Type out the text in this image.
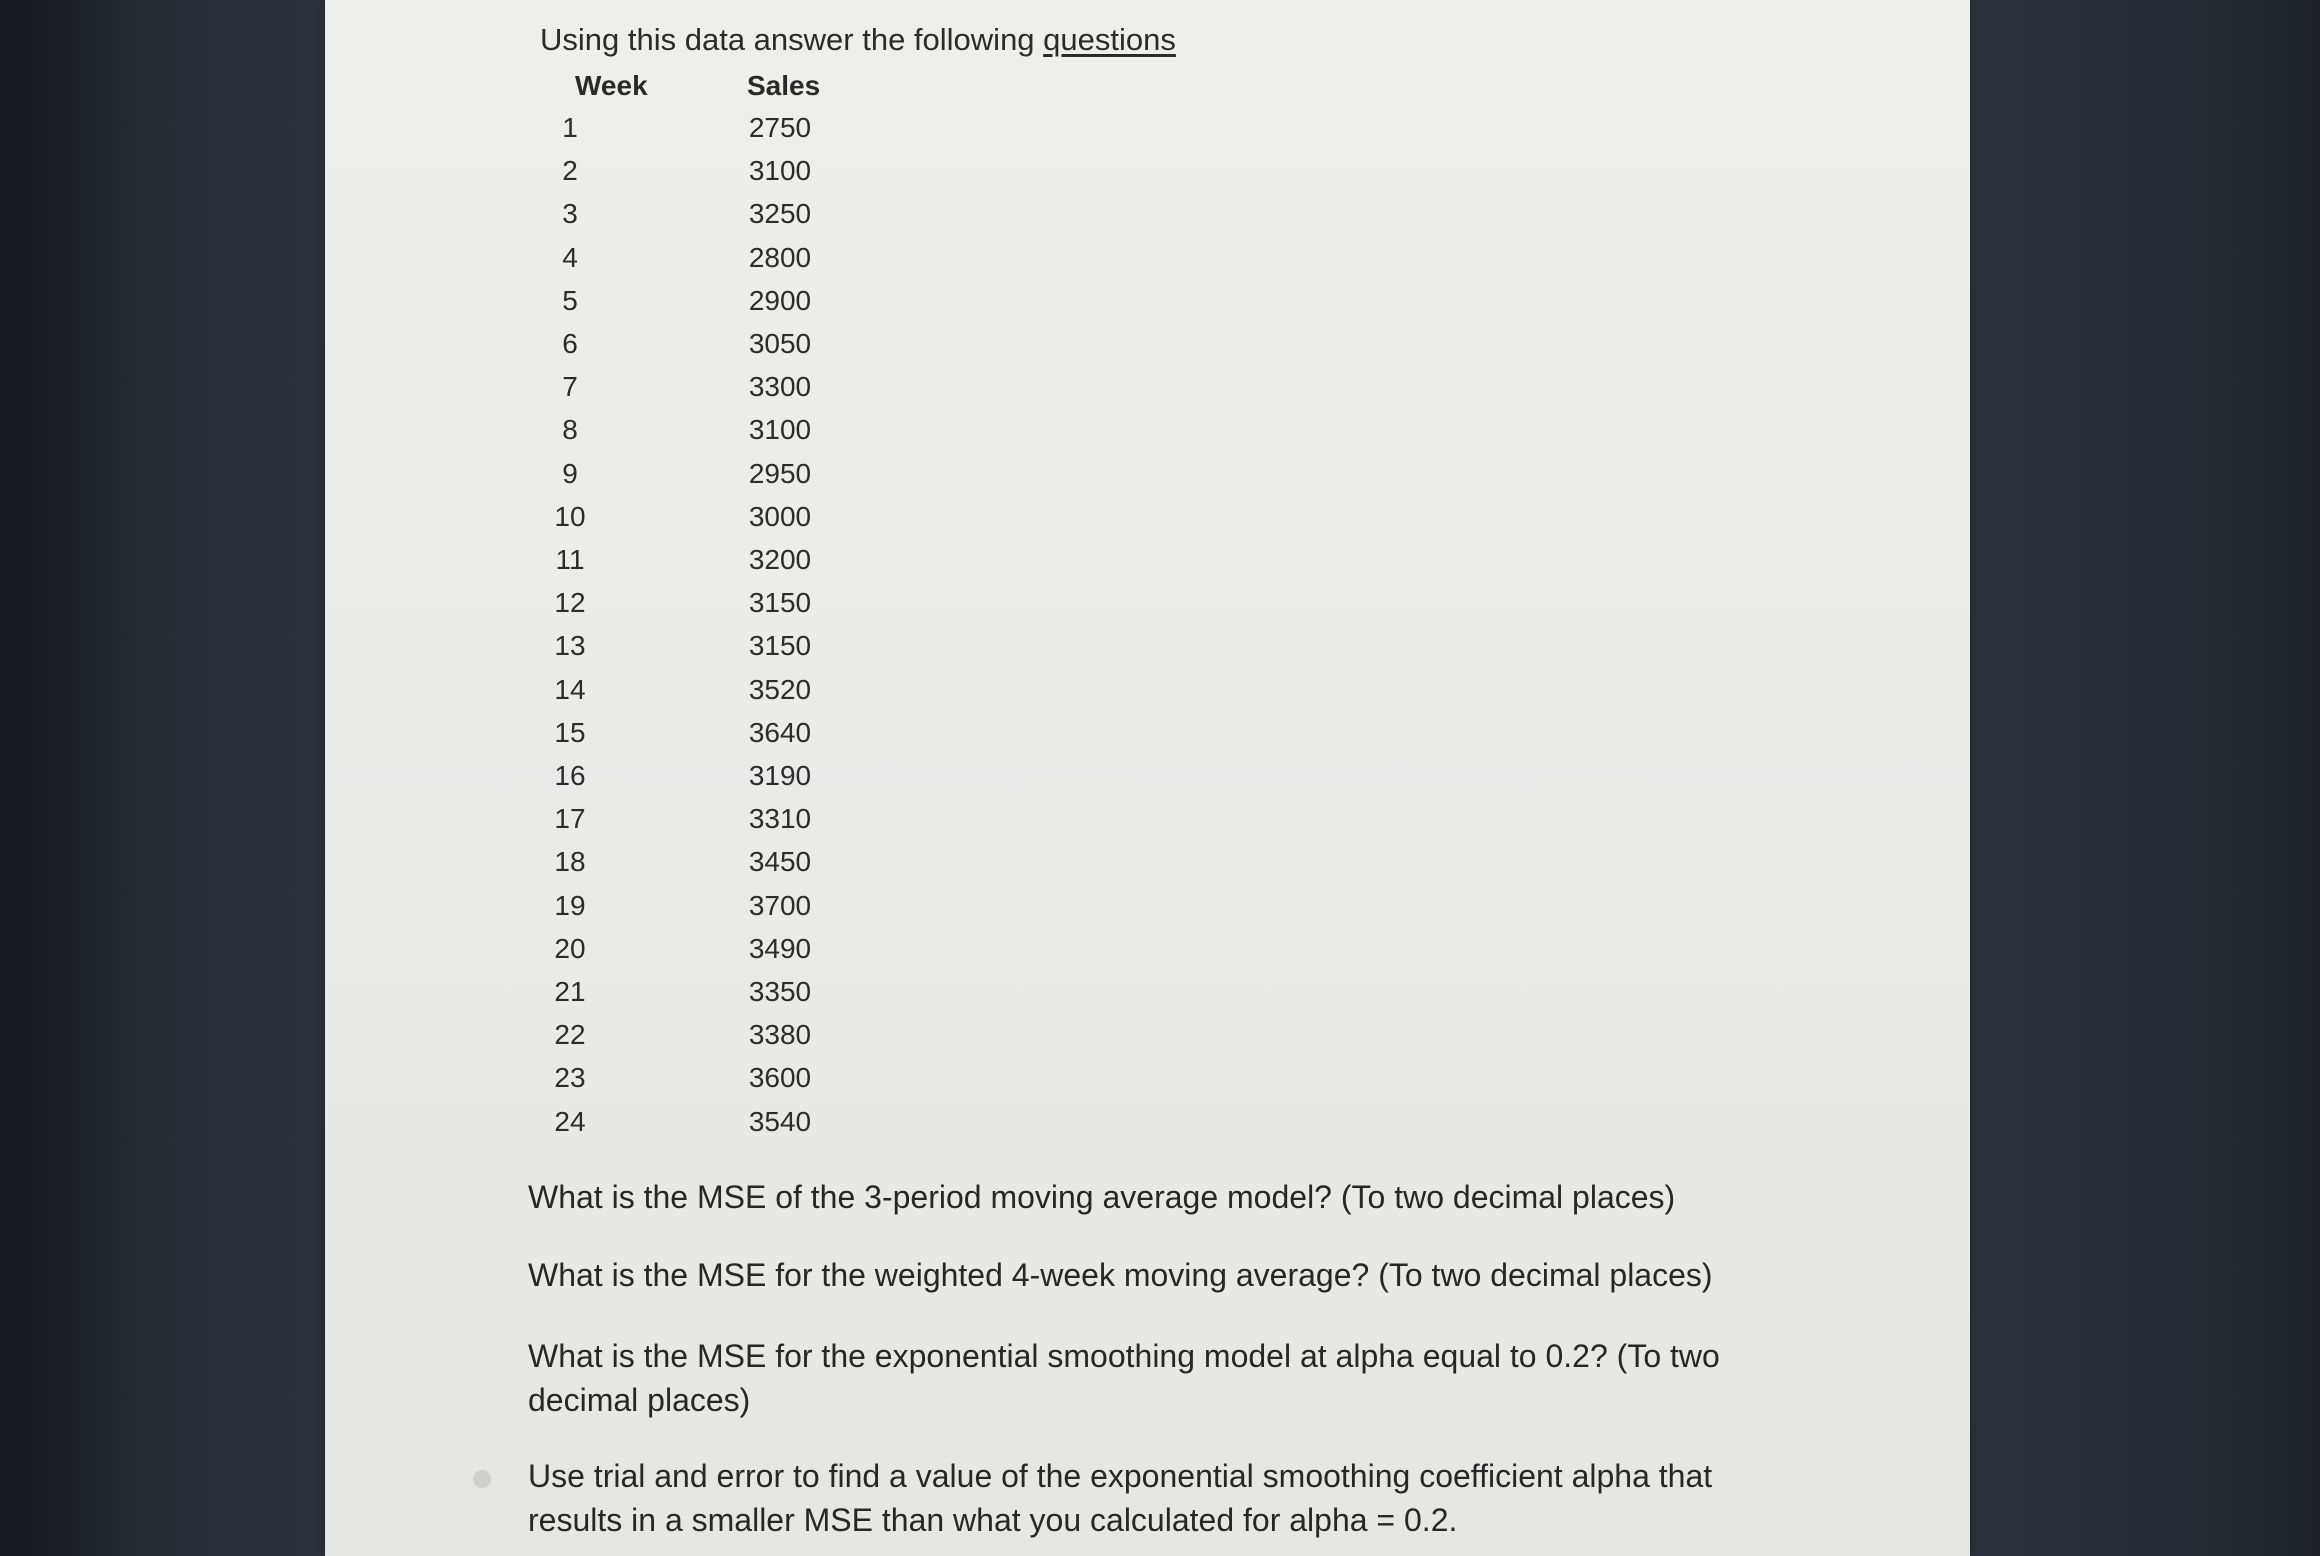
Using this data answer the following questions
Week	Sales
1	2750
2	3100
3	3250
4	2800
5	2900
6	3050
7	3300
8	3100
9	2950
10	3000
11	3200
12	3150
13	3150
14	3520
15	3640
16	3190
17	3310
18	3450
19	3700
20	3490
21	3350
22	3380
23	3600
24	3540
What is the MSE of the 3-period moving average model? (To two decimal places)
What is the MSE for the weighted 4-week moving average? (To two decimal places)
What is the MSE for the exponential smoothing model at alpha equal to 0.2? (To two decimal places)
Use trial and error to find a value of the exponential smoothing coefficient alpha that results in a smaller MSE than what you calculated for alpha = 0.2.
